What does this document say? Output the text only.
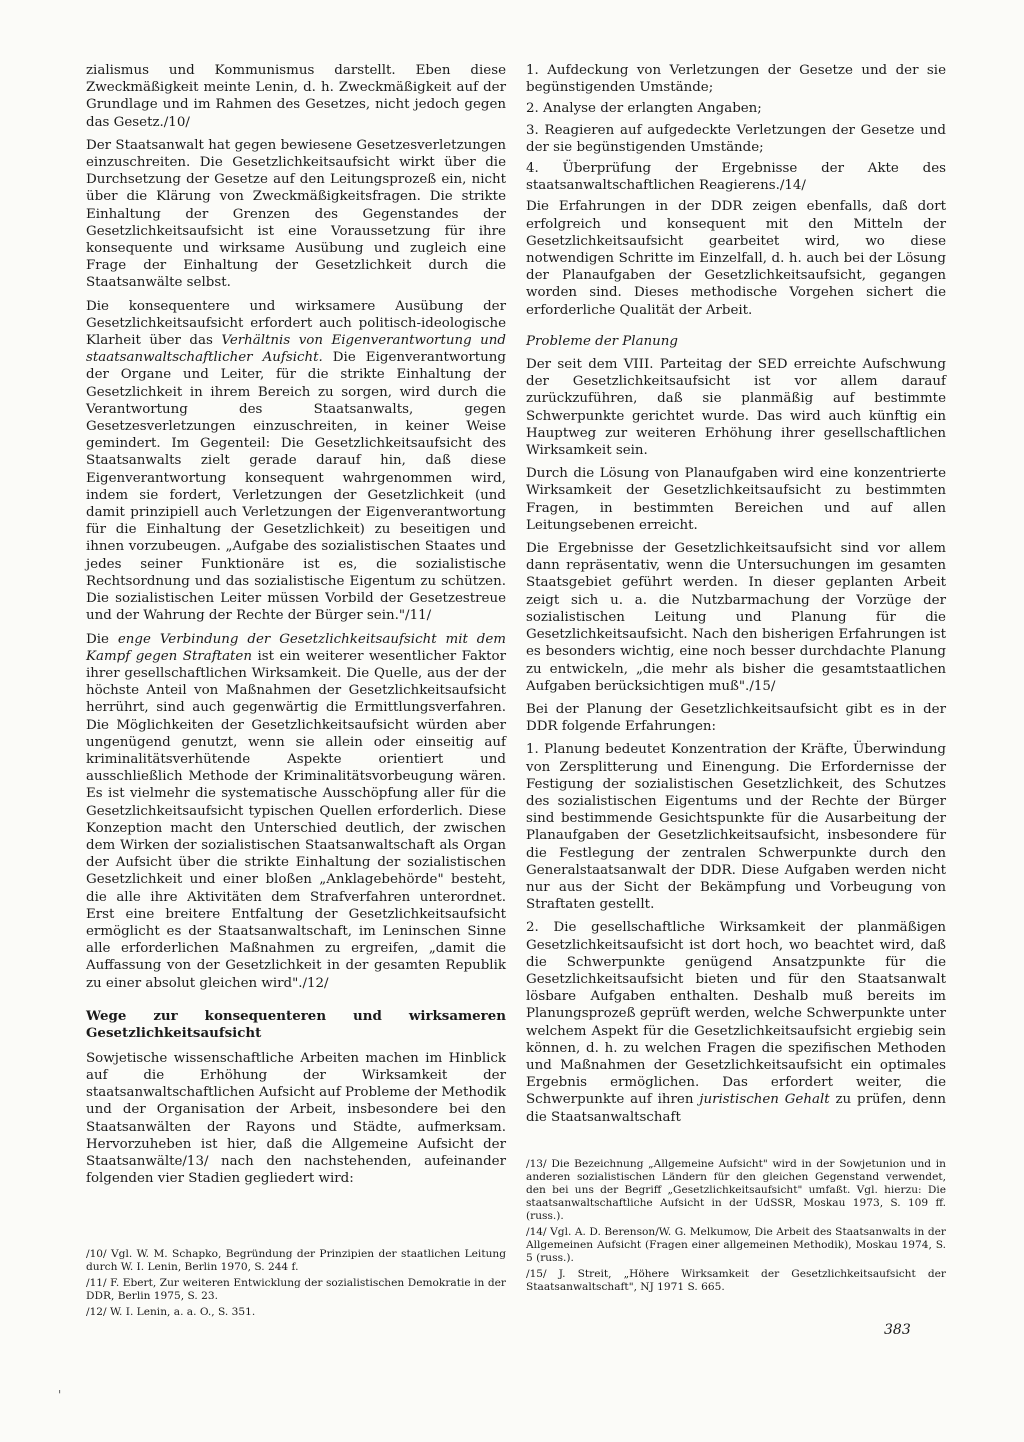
zialismus und Kommunismus darstellt. Eben diese Zweckmäßigkeit meinte Lenin, d. h. Zweckmäßigkeit auf der Grundlage und im Rahmen des Gesetzes, nicht jedoch gegen das Gesetz./10/

Der Staatsanwalt hat gegen bewiesene Gesetzesverletzungen einzuschreiten. Die Gesetzlichkeitsaufsicht wirkt über die Durchsetzung der Gesetze auf den Leitungsprozeß ein, nicht über die Klärung von Zweckmäßigkeitsfragen. Die strikte Einhaltung der Grenzen des Gegenstandes der Gesetzlichkeitsaufsicht ist eine Voraussetzung für ihre konsequente und wirksame Ausübung und zugleich eine Frage der Einhaltung der Gesetzlichkeit durch die Staatsanwälte selbst.

Die konsequentere und wirksamere Ausübung der Gesetzlichkeitsaufsicht erfordert auch politisch-ideologische Klarheit über das Verhältnis von Eigenverantwortung und staatsanwaltschaftlicher Aufsicht. Die Eigenverantwortung der Organe und Leiter, für die strikte Einhaltung der Gesetzlichkeit in ihrem Bereich zu sorgen, wird durch die Verantwortung des Staatsanwalts, gegen Gesetzesverletzungen einzuschreiten, in keiner Weise gemindert. Im Gegenteil: Die Gesetzlichkeitsaufsicht des Staatsanwalts zielt gerade darauf hin, daß diese Eigenverantwortung konsequent wahrgenommen wird, indem sie fordert, Verletzungen der Gesetzlichkeit (und damit prinzipiell auch Verletzungen der Eigenverantwortung für die Einhaltung der Gesetzlichkeit) zu beseitigen und ihnen vorzubeugen. „Aufgabe des sozialistischen Staates und jedes seiner Funktionäre ist es, die sozialistische Rechtsordnung und das sozialistische Eigentum zu schützen. Die sozialistischen Leiter müssen Vorbild der Gesetzestreue und der Wahrung der Rechte der Bürger sein."/11/

Die enge Verbindung der Gesetzlichkeitsaufsicht mit dem Kampf gegen Straftaten ist ein weiterer wesentlicher Faktor ihrer gesellschaftlichen Wirksamkeit. Die Quelle, aus der der höchste Anteil von Maßnahmen der Gesetzlichkeitsaufsicht herrührt, sind auch gegenwärtig die Ermittlungsverfahren. Die Möglichkeiten der Gesetzlichkeitsaufsicht würden aber ungenügend genutzt, wenn sie allein oder einseitig auf kriminalitätsverhütende Aspekte orientiert und ausschließlich Methode der Kriminalitätsvorbeugung wären. Es ist vielmehr die systematische Ausschöpfung aller für die Gesetzlichkeitsaufsicht typischen Quellen erforderlich. Diese Konzeption macht den Unterschied deutlich, der zwischen dem Wirken der sozialistischen Staatsanwaltschaft als Organ der Aufsicht über die strikte Einhaltung der sozialistischen Gesetzlichkeit und einer bloßen „Anklagebehörde" besteht, die alle ihre Aktivitäten dem Strafverfahren unterordnet. Erst eine breitere Entfaltung der Gesetzlichkeitsaufsicht ermöglicht es der Staatsanwaltschaft, im Leninschen Sinne alle erforderlichen Maßnahmen zu ergreifen, „damit die Auffassung von der Gesetzlichkeit in der gesamten Republik zu einer absolut gleichen wird"./12/

Wege zur konsequenteren und wirksameren Gesetzlichkeitsaufsicht

Sowjetische wissenschaftliche Arbeiten machen im Hinblick auf die Erhöhung der Wirksamkeit der staatsanwaltschaftlichen Aufsicht auf Probleme der Methodik und der Organisation der Arbeit, insbesondere bei den Staatsanwälten der Rayons und Städte, aufmerksam. Hervorzuheben ist hier, daß die Allgemeine Aufsicht der Staatsanwälte/13/ nach den nachstehenden, aufeinander folgenden vier Stadien gegliedert wird:

/10/ Vgl. W. M. Schapko, Begründung der Prinzipien der staatlichen Leitung durch W. I. Lenin, Berlin 1970, S. 244 f.
/11/ F. Ebert, Zur weiteren Entwicklung der sozialistischen Demokratie in der DDR, Berlin 1975, S. 23.
/12/ W. I. Lenin, a. a. O., S. 351.

1. Aufdeckung von Verletzungen der Gesetze und der sie begünstigenden Umstände;

2. Analyse der erlangten Angaben;

3. Reagieren auf aufgedeckte Verletzungen der Gesetze und der sie begünstigenden Umstände;

4. Überprüfung der Ergebnisse der Akte des staatsanwaltschaftlichen Reagierens./14/

Die Erfahrungen in der DDR zeigen ebenfalls, daß dort erfolgreich und konsequent mit den Mitteln der Gesetzlichkeitsaufsicht gearbeitet wird, wo diese notwendigen Schritte im Einzelfall, d. h. auch bei der Lösung der Planaufgaben der Gesetzlichkeitsaufsicht, gegangen worden sind. Dieses methodische Vorgehen sichert die erforderliche Qualität der Arbeit.

Probleme der Planung

Der seit dem VIII. Parteitag der SED erreichte Aufschwung der Gesetzlichkeitsaufsicht ist vor allem darauf zurückzuführen, daß sie planmäßig auf bestimmte Schwerpunkte gerichtet wurde. Das wird auch künftig ein Hauptweg zur weiteren Erhöhung ihrer gesellschaftlichen Wirksamkeit sein.

Durch die Lösung von Planaufgaben wird eine konzentrierte Wirksamkeit der Gesetzlichkeitsaufsicht zu bestimmten Fragen, in bestimmten Bereichen und auf allen Leitungsebenen erreicht.

Die Ergebnisse der Gesetzlichkeitsaufsicht sind vor allem dann repräsentativ, wenn die Untersuchungen im gesamten Staatsgebiet geführt werden. In dieser geplanten Arbeit zeigt sich u. a. die Nutzbarmachung der Vorzüge der sozialistischen Leitung und Planung für die Gesetzlichkeitsaufsicht. Nach den bisherigen Erfahrungen ist es besonders wichtig, eine noch besser durchdachte Planung zu entwickeln, „die mehr als bisher die gesamtstaatlichen Aufgaben berücksichtigen muß"./15/

Bei der Planung der Gesetzlichkeitsaufsicht gibt es in der DDR folgende Erfahrungen:

1. Planung bedeutet Konzentration der Kräfte, Überwindung von Zersplitterung und Einengung. Die Erfordernisse der Festigung der sozialistischen Gesetzlichkeit, des Schutzes des sozialistischen Eigentums und der Rechte der Bürger sind bestimmende Gesichtspunkte für die Ausarbeitung der Planaufgaben der Gesetzlichkeitsaufsicht, insbesondere für die Festlegung der zentralen Schwerpunkte durch den Generalstaatsanwalt der DDR. Diese Aufgaben werden nicht nur aus der Sicht der Bekämpfung und Vorbeugung von Straftaten gestellt.

2. Die gesellschaftliche Wirksamkeit der planmäßigen Gesetzlichkeitsaufsicht ist dort hoch, wo beachtet wird, daß die Schwerpunkte genügend Ansatzpunkte für die Gesetzlichkeitsaufsicht bieten und für den Staatsanwalt lösbare Aufgaben enthalten. Deshalb muß bereits im Planungsprozeß geprüft werden, welche Schwerpunkte unter welchem Aspekt für die Gesetzlichkeitsaufsicht ergiebig sein können, d. h. zu welchen Fragen die spezifischen Methoden und Maßnahmen der Gesetzlichkeitsaufsicht ein optimales Ergebnis ermöglichen. Das erfordert weiter, die Schwerpunkte auf ihren juristischen Gehalt zu prüfen, denn die Staatsanwaltschaft

/13/ Die Bezeichnung „Allgemeine Aufsicht" wird in der Sowjetunion und in anderen sozialistischen Ländern für den gleichen Gegenstand verwendet, den bei uns der Begriff „Gesetzlichkeitsaufsicht" umfaßt. Vgl. hierzu: Die staatsanwaltschaftliche Aufsicht in der UdSSR, Moskau 1973, S. 109 ff. (russ.).
/14/ Vgl. A. D. Berenson/W. G. Melkumow, Die Arbeit des Staatsanwalts in der Allgemeinen Aufsicht (Fragen einer allgemeinen Methodik), Moskau 1974, S. 5 (russ.).
/15/ J. Streit, „Höhere Wirksamkeit der Gesetzlichkeitsaufsicht der Staatsanwaltschaft", NJ 1971 S. 665.
383
'
